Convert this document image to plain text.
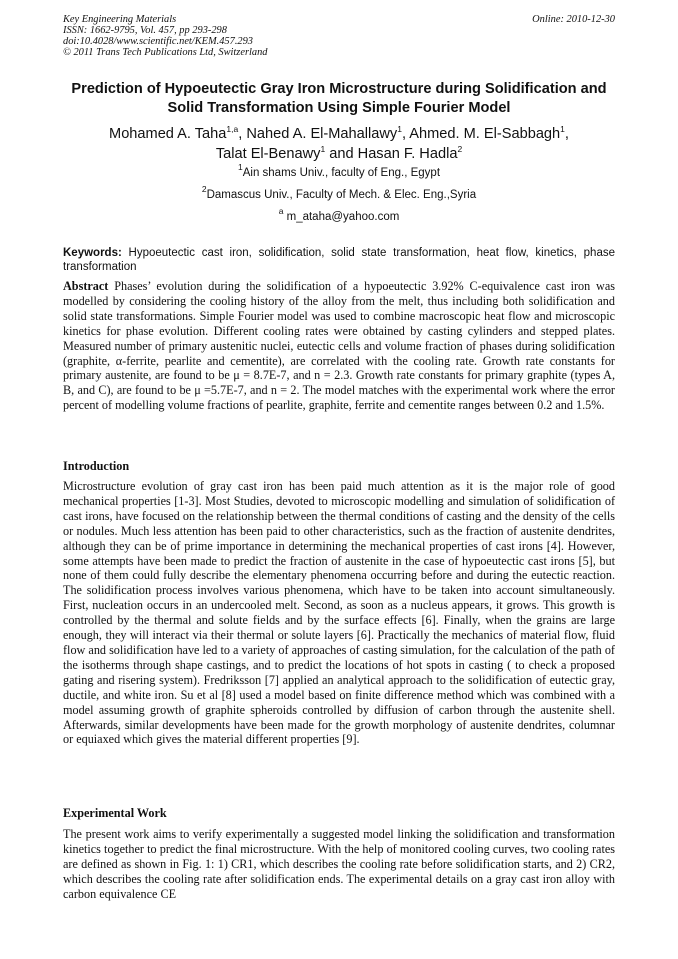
Key Engineering Materials
ISSN: 1662-9795, Vol. 457, pp 293-298
doi:10.4028/www.scientific.net/KEM.457.293
© 2011 Trans Tech Publications Ltd, Switzerland
Online: 2010-12-30
Prediction of Hypoeutectic Gray Iron Microstructure during Solidification and Solid Transformation Using Simple Fourier Model
Mohamed A. Taha$^{1,a}$, Nahed A. El-Mahallawy$^1$, Ahmed. M. El-Sabbagh$^1$,
Talat El-Benawy$^1$ and Hasan F. Hadla$^2$
$^1$Ain shams Univ., faculty of Eng., Egypt
$^2$Damascus Univ., Faculty of Mech. & Elec. Eng.,Syria
$^a$ m_ataha@yahoo.com
Keywords: Hypoeutectic cast iron, solidification, solid state transformation, heat flow, kinetics, phase transformation
Abstract Phases’ evolution during the solidification of a hypoeutectic 3.92% C-equivalence cast iron was modelled by considering the cooling history of the alloy from the melt, thus including both solidification and solid state transformations. Simple Fourier model was used to combine macroscopic heat flow and microscopic kinetics for phase evolution. Different cooling rates were obtained by casting cylinders and stepped plates. Measured number of primary austenitic nuclei, eutectic cells and volume fraction of phases during solidification (graphite, α-ferrite, pearlite and cementite), are correlated with the cooling rate. Growth rate constants for primary austenite, are found to be μ = 8.7E-7, and n = 2.3. Growth rate constants for primary graphite (types A, B, and C), are found to be μ =5.7E-7, and n = 2. The model matches with the experimental work where the error percent of modelling volume fractions of pearlite, graphite, ferrite and cementite ranges between 0.2 and 1.5%.
Introduction
Microstructure evolution of gray cast iron has been paid much attention as it is the major role of good mechanical properties [1-3]. Most Studies, devoted to microscopic modelling and simulation of solidification of cast irons, have focused on the relationship between the thermal conditions of casting and the density of the cells or nodules. Much less attention has been paid to other characteristics, such as the fraction of austenite dendrites, although they can be of prime importance in determining the mechanical properties of cast irons [4]. However, some attempts have been made to predict the fraction of austenite in the case of hypoeutectic cast irons [5], but none of them could fully describe the elementary phenomena occurring before and during the eutectic reaction. The solidification process involves various phenomena, which have to be taken into account simultaneously. First, nucleation occurs in an undercooled melt. Second, as soon as a nucleus appears, it grows. This growth is controlled by the thermal and solute fields and by the surface effects [6]. Finally, when the grains are large enough, they will interact via their thermal or solute layers [6]. Practically the mechanics of material flow, fluid flow and solidification have led to a variety of approaches of casting simulation, for the calculation of the path of the isotherms through shape castings, and to predict the locations of hot spots in casting ( to check a proposed gating and risering system). Fredriksson [7] applied an analytical approach to the solidification of eutectic gray, ductile, and white iron. Su et al [8] used a model based on finite difference method which was combined with a model assuming growth of graphite spheroids controlled by diffusion of carbon through the austenite shell. Afterwards, similar developments have been made for the growth morphology of austenite dendrites, columnar or equiaxed which gives the material different properties [9].
Experimental Work
The present work aims to verify experimentally a suggested model linking the solidification and transformation kinetics together to predict the final microstructure. With the help of monitored cooling curves, two cooling rates are defined as shown in Fig. 1: 1) CR1, which describes the cooling rate before solidification starts, and 2) CR2, which describes the cooling rate after solidification ends. The experimental details on a gray cast iron alloy with carbon equivalence CE
